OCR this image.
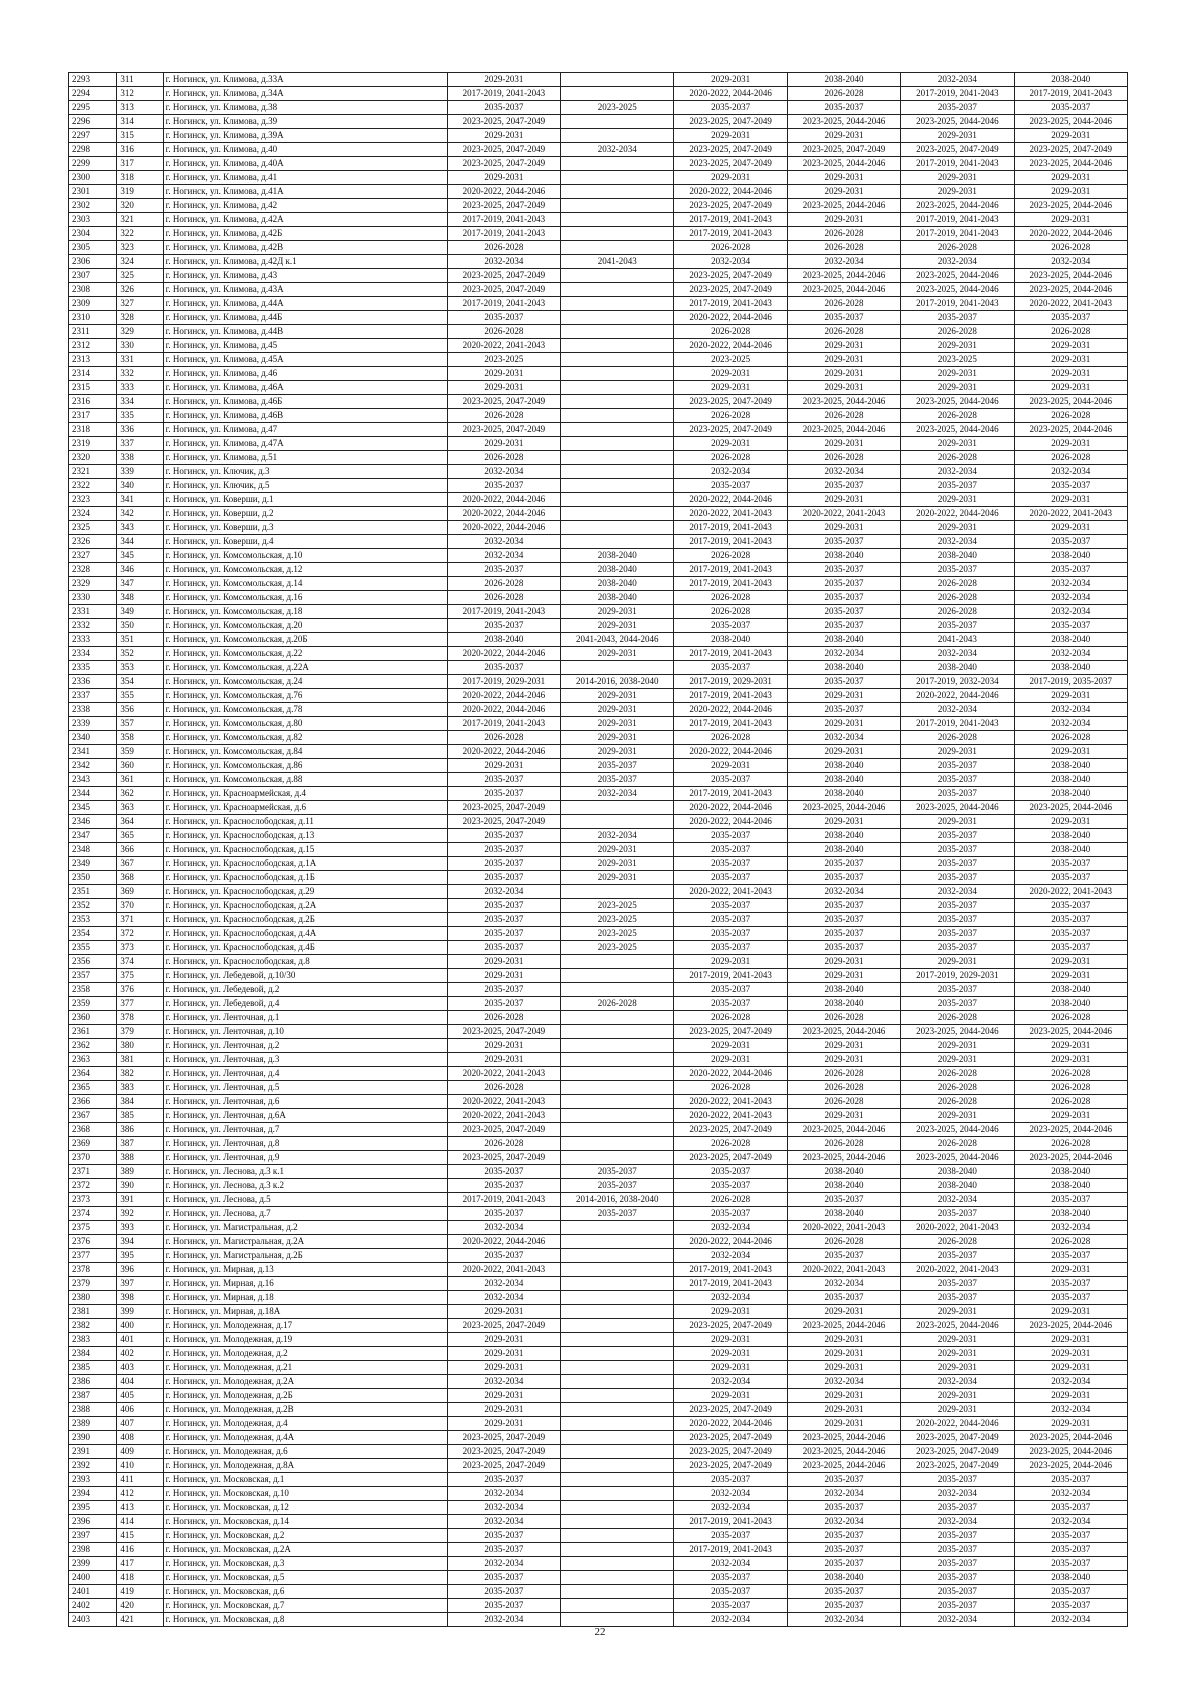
2293	311	г. Ногинск, ул. Климова, д.33А	2029-2031		2029-2031	2038-2040	2032-2034	2038-2040
2294	312	г. Ногинск, ул. Климова, д.34А	2017-2019, 2041-2043		2020-2022, 2044-2046	2026-2028	2017-2019, 2041-2043	2017-2019, 2041-2043
2295	313	г. Ногинск, ул. Климова, д.38	2035-2037	2023-2025	2035-2037	2035-2037	2035-2037	2035-2037
2296	314	г. Ногинск, ул. Климова, д.39	2023-2025, 2047-2049		2023-2025, 2047-2049	2023-2025, 2044-2046	2023-2025, 2044-2046	2023-2025, 2044-2046
2297	315	г. Ногинск, ул. Климова, д.39А	2029-2031		2029-2031	2029-2031	2029-2031	2029-2031
2298	316	г. Ногинск, ул. Климова, д.40	2023-2025, 2047-2049	2032-2034	2023-2025, 2047-2049	2023-2025, 2047-2049	2023-2025, 2047-2049	2023-2025, 2047-2049
2299	317	г. Ногинск, ул. Климова, д.40А	2023-2025, 2047-2049		2023-2025, 2047-2049	2023-2025, 2044-2046	2017-2019, 2041-2043	2023-2025, 2044-2046
2300	318	г. Ногинск, ул. Климова, д.41	2029-2031		2029-2031	2029-2031	2029-2031	2029-2031
2301	319	г. Ногинск, ул. Климова, д.41А	2020-2022, 2044-2046		2020-2022, 2044-2046	2029-2031	2029-2031	2029-2031
2302	320	г. Ногинск, ул. Климова, д.42	2023-2025, 2047-2049		2023-2025, 2047-2049	2023-2025, 2044-2046	2023-2025, 2044-2046	2023-2025, 2044-2046
2303	321	г. Ногинск, ул. Климова, д.42А	2017-2019, 2041-2043		2017-2019, 2041-2043	2029-2031	2017-2019, 2041-2043	2029-2031
2304	322	г. Ногинск, ул. Климова, д.42Б	2017-2019, 2041-2043		2017-2019, 2041-2043	2026-2028	2017-2019, 2041-2043	2020-2022, 2044-2046
2305	323	г. Ногинск, ул. Климова, д.42В	2026-2028		2026-2028	2026-2028	2026-2028	2026-2028
2306	324	г. Ногинск, ул. Климова, д.42Д к.1	2032-2034	2041-2043	2032-2034	2032-2034	2032-2034	2032-2034
2307	325	г. Ногинск, ул. Климова, д.43	2023-2025, 2047-2049		2023-2025, 2047-2049	2023-2025, 2044-2046	2023-2025, 2044-2046	2023-2025, 2044-2046
2308	326	г. Ногинск, ул. Климова, д.43А	2023-2025, 2047-2049		2023-2025, 2047-2049	2023-2025, 2044-2046	2023-2025, 2044-2046	2023-2025, 2044-2046
2309	327	г. Ногинск, ул. Климова, д.44А	2017-2019, 2041-2043		2017-2019, 2041-2043	2026-2028	2017-2019, 2041-2043	2020-2022, 2041-2043
2310	328	г. Ногинск, ул. Климова, д.44Б	2035-2037		2020-2022, 2044-2046	2035-2037	2035-2037	2035-2037
2311	329	г. Ногинск, ул. Климова, д.44В	2026-2028		2026-2028	2026-2028	2026-2028	2026-2028
2312	330	г. Ногинск, ул. Климова, д.45	2020-2022, 2041-2043		2020-2022, 2044-2046	2029-2031	2029-2031	2029-2031
2313	331	г. Ногинск, ул. Климова, д.45А	2023-2025		2023-2025	2029-2031	2023-2025	2029-2031
2314	332	г. Ногинск, ул. Климова, д.46	2029-2031		2029-2031	2029-2031	2029-2031	2029-2031
2315	333	г. Ногинск, ул. Климова, д.46А	2029-2031		2029-2031	2029-2031	2029-2031	2029-2031
2316	334	г. Ногинск, ул. Климова, д.46Б	2023-2025, 2047-2049		2023-2025, 2047-2049	2023-2025, 2044-2046	2023-2025, 2044-2046	2023-2025, 2044-2046
2317	335	г. Ногинск, ул. Климова, д.46В	2026-2028		2026-2028	2026-2028	2026-2028	2026-2028
2318	336	г. Ногинск, ул. Климова, д.47	2023-2025, 2047-2049		2023-2025, 2047-2049	2023-2025, 2044-2046	2023-2025, 2044-2046	2023-2025, 2044-2046
2319	337	г. Ногинск, ул. Климова, д.47А	2029-2031		2029-2031	2029-2031	2029-2031	2029-2031
2320	338	г. Ногинск, ул. Климова, д.51	2026-2028		2026-2028	2026-2028	2026-2028	2026-2028
2321	339	г. Ногинск, ул. Ключик, д.3	2032-2034		2032-2034	2032-2034	2032-2034	2032-2034
2322	340	г. Ногинск, ул. Ключик, д.5	2035-2037		2035-2037	2035-2037	2035-2037	2035-2037
2323	341	г. Ногинск, ул. Коверши, д.1	2020-2022, 2044-2046		2020-2022, 2044-2046	2029-2031	2029-2031	2029-2031
2324	342	г. Ногинск, ул. Коверши, д.2	2020-2022, 2044-2046		2020-2022, 2041-2043	2020-2022, 2041-2043	2020-2022, 2044-2046	2020-2022, 2041-2043
2325	343	г. Ногинск, ул. Коверши, д.3	2020-2022, 2044-2046		2017-2019, 2041-2043	2029-2031	2029-2031	2029-2031
2326	344	г. Ногинск, ул. Коверши, д.4	2032-2034		2017-2019, 2041-2043	2035-2037	2032-2034	2035-2037
2327	345	г. Ногинск, ул. Комсомольская, д.10	2032-2034	2038-2040	2026-2028	2038-2040	2038-2040	2038-2040
2328	346	г. Ногинск, ул. Комсомольская, д.12	2035-2037	2038-2040	2017-2019, 2041-2043	2035-2037	2035-2037	2035-2037
2329	347	г. Ногинск, ул. Комсомольская, д.14	2026-2028	2038-2040	2017-2019, 2041-2043	2035-2037	2026-2028	2032-2034
2330	348	г. Ногинск, ул. Комсомольская, д.16	2026-2028	2038-2040	2026-2028	2035-2037	2026-2028	2032-2034
2331	349	г. Ногинск, ул. Комсомольская, д.18	2017-2019, 2041-2043	2029-2031	2026-2028	2035-2037	2026-2028	2032-2034
2332	350	г. Ногинск, ул. Комсомольская, д.20	2035-2037	2029-2031	2035-2037	2035-2037	2035-2037	2035-2037
2333	351	г. Ногинск, ул. Комсомольская, д.20Б	2038-2040	2041-2043, 2044-2046	2038-2040	2038-2040	2041-2043	2038-2040
2334	352	г. Ногинск, ул. Комсомольская, д.22	2020-2022, 2044-2046	2029-2031	2017-2019, 2041-2043	2032-2034	2032-2034	2032-2034
2335	353	г. Ногинск, ул. Комсомольская, д.22А	2035-2037		2035-2037	2038-2040	2038-2040	2038-2040
2336	354	г. Ногинск, ул. Комсомольская, д.24	2017-2019, 2029-2031	2014-2016, 2038-2040	2017-2019, 2029-2031	2035-2037	2017-2019, 2032-2034	2017-2019, 2035-2037
2337	355	г. Ногинск, ул. Комсомольская, д.76	2020-2022, 2044-2046	2029-2031	2017-2019, 2041-2043	2029-2031	2020-2022, 2044-2046	2029-2031
2338	356	г. Ногинск, ул. Комсомольская, д.78	2020-2022, 2044-2046	2029-2031	2020-2022, 2044-2046	2035-2037	2032-2034	2032-2034
2339	357	г. Ногинск, ул. Комсомольская, д.80	2017-2019, 2041-2043	2029-2031	2017-2019, 2041-2043	2029-2031	2017-2019, 2041-2043	2032-2034
2340	358	г. Ногинск, ул. Комсомольская, д.82	2026-2028	2029-2031	2026-2028	2032-2034	2026-2028	2026-2028
2341	359	г. Ногинск, ул. Комсомольская, д.84	2020-2022, 2044-2046	2029-2031	2020-2022, 2044-2046	2029-2031	2029-2031	2029-2031
2342	360	г. Ногинск, ул. Комсомольская, д.86	2029-2031	2035-2037	2029-2031	2038-2040	2035-2037	2038-2040
2343	361	г. Ногинск, ул. Комсомольская, д.88	2035-2037	2035-2037	2035-2037	2038-2040	2035-2037	2038-2040
2344	362	г. Ногинск, ул. Красноармейская, д.4	2035-2037	2032-2034	2017-2019, 2041-2043	2038-2040	2035-2037	2038-2040
2345	363	г. Ногинск, ул. Красноармейская, д.6	2023-2025, 2047-2049		2020-2022, 2044-2046	2023-2025, 2044-2046	2023-2025, 2044-2046	2023-2025, 2044-2046
2346	364	г. Ногинск, ул. Краснослободская, д.11	2023-2025, 2047-2049		2020-2022, 2044-2046	2029-2031	2029-2031	2029-2031
2347	365	г. Ногинск, ул. Краснослободская, д.13	2035-2037	2032-2034	2035-2037	2038-2040	2035-2037	2038-2040
2348	366	г. Ногинск, ул. Краснослободская, д.15	2035-2037	2029-2031	2035-2037	2038-2040	2035-2037	2038-2040
2349	367	г. Ногинск, ул. Краснослободская, д.1А	2035-2037	2029-2031	2035-2037	2035-2037	2035-2037	2035-2037
2350	368	г. Ногинск, ул. Краснослободская, д.1Б	2035-2037	2029-2031	2035-2037	2035-2037	2035-2037	2035-2037
2351	369	г. Ногинск, ул. Краснослободская, д.29	2032-2034		2020-2022, 2041-2043	2032-2034	2032-2034	2020-2022, 2041-2043
2352	370	г. Ногинск, ул. Краснослободская, д.2А	2035-2037	2023-2025	2035-2037	2035-2037	2035-2037	2035-2037
2353	371	г. Ногинск, ул. Краснослободская, д.2Б	2035-2037	2023-2025	2035-2037	2035-2037	2035-2037	2035-2037
2354	372	г. Ногинск, ул. Краснослободская, д.4А	2035-2037	2023-2025	2035-2037	2035-2037	2035-2037	2035-2037
2355	373	г. Ногинск, ул. Краснослободская, д.4Б	2035-2037	2023-2025	2035-2037	2035-2037	2035-2037	2035-2037
2356	374	г. Ногинск, ул. Краснослободская, д.8	2029-2031		2029-2031	2029-2031	2029-2031	2029-2031
2357	375	г. Ногинск, ул. Лебедевой, д.10/30	2029-2031		2017-2019, 2041-2043	2029-2031	2017-2019, 2029-2031	2029-2031
2358	376	г. Ногинск, ул. Лебедевой, д.2	2035-2037		2035-2037	2038-2040	2035-2037	2038-2040
2359	377	г. Ногинск, ул. Лебедевой, д.4	2035-2037	2026-2028	2035-2037	2038-2040	2035-2037	2038-2040
2360	378	г. Ногинск, ул. Ленточная, д.1	2026-2028		2026-2028	2026-2028	2026-2028	2026-2028
2361	379	г. Ногинск, ул. Ленточная, д.10	2023-2025, 2047-2049		2023-2025, 2047-2049	2023-2025, 2044-2046	2023-2025, 2044-2046	2023-2025, 2044-2046
2362	380	г. Ногинск, ул. Ленточная, д.2	2029-2031		2029-2031	2029-2031	2029-2031	2029-2031
2363	381	г. Ногинск, ул. Ленточная, д.3	2029-2031		2029-2031	2029-2031	2029-2031	2029-2031
2364	382	г. Ногинск, ул. Ленточная, д.4	2020-2022, 2041-2043		2020-2022, 2044-2046	2026-2028	2026-2028	2026-2028
2365	383	г. Ногинск, ул. Ленточная, д.5	2026-2028		2026-2028	2026-2028	2026-2028	2026-2028
2366	384	г. Ногинск, ул. Ленточная, д.6	2020-2022, 2041-2043		2020-2022, 2041-2043	2026-2028	2026-2028	2026-2028
2367	385	г. Ногинск, ул. Ленточная, д.6А	2020-2022, 2041-2043		2020-2022, 2041-2043	2029-2031	2029-2031	2029-2031
2368	386	г. Ногинск, ул. Ленточная, д.7	2023-2025, 2047-2049		2023-2025, 2047-2049	2023-2025, 2044-2046	2023-2025, 2044-2046	2023-2025, 2044-2046
2369	387	г. Ногинск, ул. Ленточная, д.8	2026-2028		2026-2028	2026-2028	2026-2028	2026-2028
2370	388	г. Ногинск, ул. Ленточная, д.9	2023-2025, 2047-2049		2023-2025, 2047-2049	2023-2025, 2044-2046	2023-2025, 2044-2046	2023-2025, 2044-2046
2371	389	г. Ногинск, ул. Леснова, д.3 к.1	2035-2037	2035-2037	2035-2037	2038-2040	2038-2040	2038-2040
2372	390	г. Ногинск, ул. Леснова, д.3 к.2	2035-2037	2035-2037	2035-2037	2038-2040	2038-2040	2038-2040
2373	391	г. Ногинск, ул. Леснова, д.5	2017-2019, 2041-2043	2014-2016, 2038-2040	2026-2028	2035-2037	2032-2034	2035-2037
2374	392	г. Ногинск, ул. Леснова, д.7	2035-2037	2035-2037	2035-2037	2038-2040	2035-2037	2038-2040
2375	393	г. Ногинск, ул. Магистральная, д.2	2032-2034		2032-2034	2020-2022, 2041-2043	2020-2022, 2041-2043	2032-2034
2376	394	г. Ногинск, ул. Магистральная, д.2А	2020-2022, 2044-2046		2020-2022, 2044-2046	2026-2028	2026-2028	2026-2028
2377	395	г. Ногинск, ул. Магистральная, д.2Б	2035-2037		2032-2034	2035-2037	2035-2037	2035-2037
2378	396	г. Ногинск, ул. Мирная, д.13	2020-2022, 2041-2043		2017-2019, 2041-2043	2020-2022, 2041-2043	2020-2022, 2041-2043	2029-2031
2379	397	г. Ногинск, ул. Мирная, д.16	2032-2034		2017-2019, 2041-2043	2032-2034	2035-2037	2035-2037
2380	398	г. Ногинск, ул. Мирная, д.18	2032-2034		2032-2034	2035-2037	2035-2037	2035-2037
2381	399	г. Ногинск, ул. Мирная, д.18А	2029-2031		2029-2031	2029-2031	2029-2031	2029-2031
2382	400	г. Ногинск, ул. Молодежная, д.17	2023-2025, 2047-2049		2023-2025, 2047-2049	2023-2025, 2044-2046	2023-2025, 2044-2046	2023-2025, 2044-2046
2383	401	г. Ногинск, ул. Молодежная, д.19	2029-2031		2029-2031	2029-2031	2029-2031	2029-2031
2384	402	г. Ногинск, ул. Молодежная, д.2	2029-2031		2029-2031	2029-2031	2029-2031	2029-2031
2385	403	г. Ногинск, ул. Молодежная, д.21	2029-2031		2029-2031	2029-2031	2029-2031	2029-2031
2386	404	г. Ногинск, ул. Молодежная, д.2А	2032-2034		2032-2034	2032-2034	2032-2034	2032-2034
2387	405	г. Ногинск, ул. Молодежная, д.2Б	2029-2031		2029-2031	2029-2031	2029-2031	2029-2031
2388	406	г. Ногинск, ул. Молодежная, д.2В	2029-2031		2023-2025, 2047-2049	2029-2031	2029-2031	2032-2034
2389	407	г. Ногинск, ул. Молодежная, д.4	2029-2031		2020-2022, 2044-2046	2029-2031	2020-2022, 2044-2046	2029-2031
2390	408	г. Ногинск, ул. Молодежная, д.4А	2023-2025, 2047-2049		2023-2025, 2047-2049	2023-2025, 2044-2046	2023-2025, 2047-2049	2023-2025, 2044-2046
2391	409	г. Ногинск, ул. Молодежная, д.6	2023-2025, 2047-2049		2023-2025, 2047-2049	2023-2025, 2044-2046	2023-2025, 2047-2049	2023-2025, 2044-2046
2392	410	г. Ногинск, ул. Молодежная, д.8А	2023-2025, 2047-2049		2023-2025, 2047-2049	2023-2025, 2044-2046	2023-2025, 2047-2049	2023-2025, 2044-2046
2393	411	г. Ногинск, ул. Московская, д.1	2035-2037		2035-2037	2035-2037	2035-2037	2035-2037
2394	412	г. Ногинск, ул. Московская, д.10	2032-2034		2032-2034	2032-2034	2032-2034	2032-2034
2395	413	г. Ногинск, ул. Московская, д.12	2032-2034		2032-2034	2035-2037	2035-2037	2035-2037
2396	414	г. Ногинск, ул. Московская, д.14	2032-2034		2017-2019, 2041-2043	2032-2034	2032-2034	2032-2034
2397	415	г. Ногинск, ул. Московская, д.2	2035-2037		2035-2037	2035-2037	2035-2037	2035-2037
2398	416	г. Ногинск, ул. Московская, д.2А	2035-2037		2017-2019, 2041-2043	2035-2037	2035-2037	2035-2037
2399	417	г. Ногинск, ул. Московская, д.3	2032-2034		2032-2034	2035-2037	2035-2037	2035-2037
2400	418	г. Ногинск, ул. Московская, д.5	2035-2037		2035-2037	2038-2040	2035-2037	2038-2040
2401	419	г. Ногинск, ул. Московская, д.6	2035-2037		2035-2037	2035-2037	2035-2037	2035-2037
2402	420	г. Ногинск, ул. Московская, д.7	2035-2037		2035-2037	2035-2037	2035-2037	2035-2037
2403	421	г. Ногинск, ул. Московская, д.8	2032-2034		2032-2034	2032-2034	2032-2034	2032-2034
22
